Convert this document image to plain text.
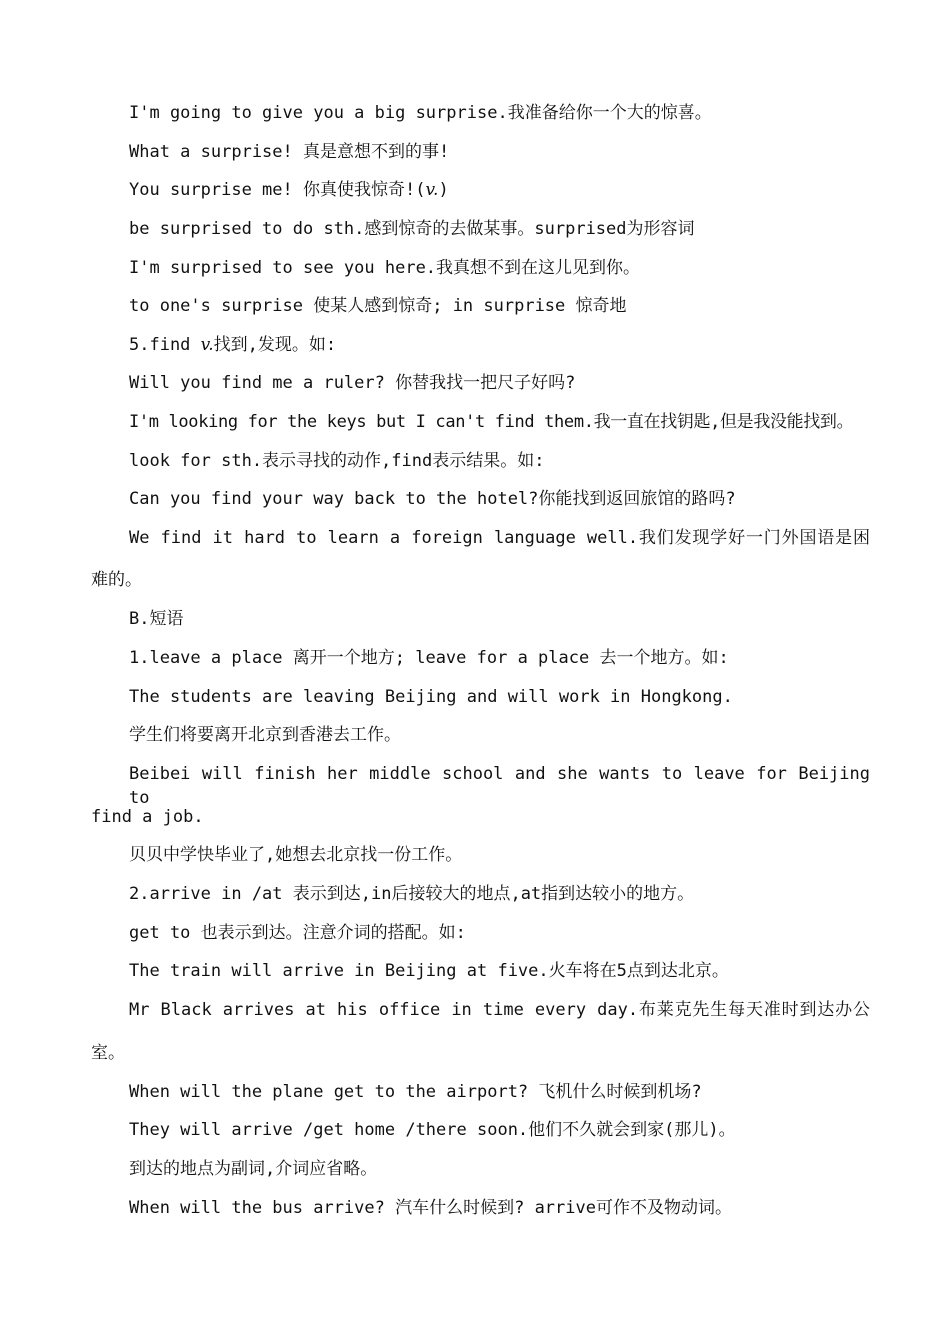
I'm going to give you a big surprise.我准备给你一个大的惊喜。
What a surprise! 真是意想不到的事!
You surprise me! 你真使我惊奇!(v.)
be surprised to do sth.感到惊奇的去做某事。surprised为形容词
I'm surprised to see you here.我真想不到在这儿见到你。
to one's surprise 使某人感到惊奇; in surprise 惊奇地
5.find v.找到,发现。如:
Will you find me a ruler? 你替我找一把尺子好吗?
I'm looking for the keys but I can't find them.我一直在找钥匙,但是我没能找到。
look for sth.表示寻找的动作,find表示结果。如:
Can you find your way back to the hotel?你能找到返回旅馆的路吗?
We find it hard to learn a foreign language well.我们发现学好一门外国语是困
难的。
B.短语
1.leave a place 离开一个地方; leave for a place 去一个地方。如:
The students are leaving Beijing and will work in Hongkong.
学生们将要离开北京到香港去工作。
Beibei will finish her middle school and she wants to leave for Beijing to
find a job.
贝贝中学快毕业了,她想去北京找一份工作。
2.arrive in /at 表示到达,in后接较大的地点,at指到达较小的地方。
get to 也表示到达。注意介词的搭配。如:
The train will arrive in Beijing at five.火车将在5点到达北京。
Mr Black arrives at his office in time every day.布莱克先生每天准时到达办公
室。
When will the plane get to the airport? 飞机什么时候到机场?
They will arrive /get home /there soon.他们不久就会到家(那儿)。
到达的地点为副词,介词应省略。
When will the bus arrive? 汽车什么时候到? arrive可作不及物动词。
